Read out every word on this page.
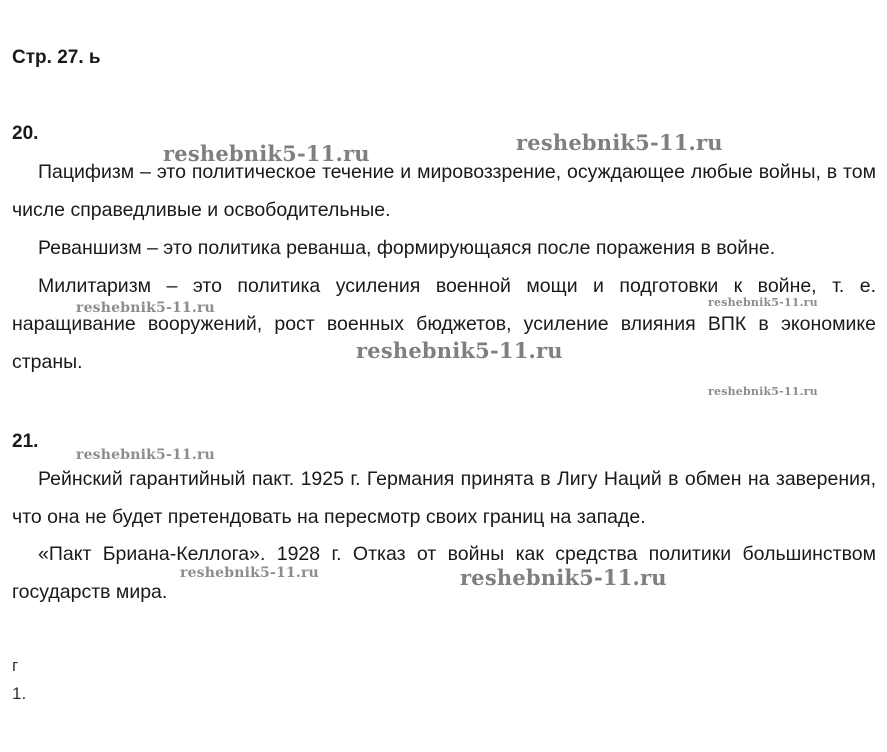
Стр. 27. ь
20.

Пацифизм – это политическое течение и мировоззрение, осуждающее любые войны, в том числе справедливые и освободительные.

Реваншизм – это политика реванша, формирующаяся после поражения в войне.

Милитаризм – это политика усиления военной мощи и подготовки к войне, т. е. наращивание вооружений, рост военных бюджетов, усиление влияния ВПК в экономике страны.

21.

Рейнский гарантийный пакт. 1925 г. Германия принята в Лигу Наций в обмен на заверения, что она не будет претендовать на пересмотр своих границ на западе.

«Пакт Бриана-Келлога». 1928 г. Отказ от войны как средства политики большинством государств мира.

г
1.
reshebnik5-11.ru	reshebnik5-11.ru
reshebnik5-11.ru	reshebnik5-11.ru
reshebnik5-11.ru
reshebnik5-11.ru
reshebnik5-11.ru
reshebnik5-11.ru	reshebnik5-11.ru
